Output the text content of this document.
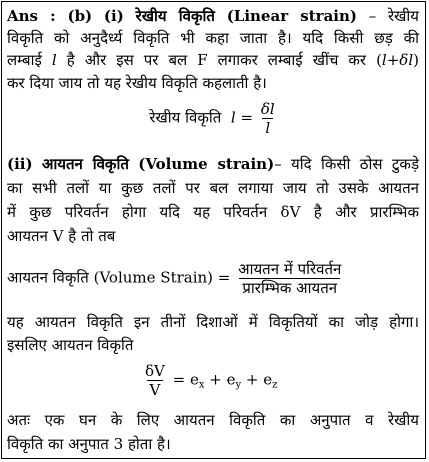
Ans : (b) (i) रेखीय विकृति (Linear strain) – रेखीय
विकृति को अनुदैर्ध्य विकृति भी कहा जाता है। यदि किसी छड़ की
लम्बाई l है और इस पर बल F लगाकर लम्बाई खींच कर (l+δl)
कर दिया जाय तो यह रेखीय विकृति कहलाती है।
रेखीय विकृति $l = \frac{\delta l}{l}$
(ii) आयतन विकृति (Volume strain)– यदि किसी ठोस टुकड़े
का सभी तलों या कुछ तलों पर बल लगाया जाय तो उसके आयतन
में कुछ परिवर्तन होगा यदि यह परिवर्तन δV है और प्रारम्भिक
आयतन V है तो तब
आयतन विकृति (Volume Strain) = $\frac{\text{आयतन में परिवर्तन}}{\text{प्रारम्भिक आयतन}}$
यह आयतन विकृति इन तीनों दिशाओं में विकृतियों का जोड़ होगा।
इसलिए आयतन विकृति
$\frac{\delta V}{V} = e_x + e_y + e_z$
अतः एक घन के लिए आयतन विकृति का अनुपात व रेखीय
विकृति का अनुपात 3 होता है।
